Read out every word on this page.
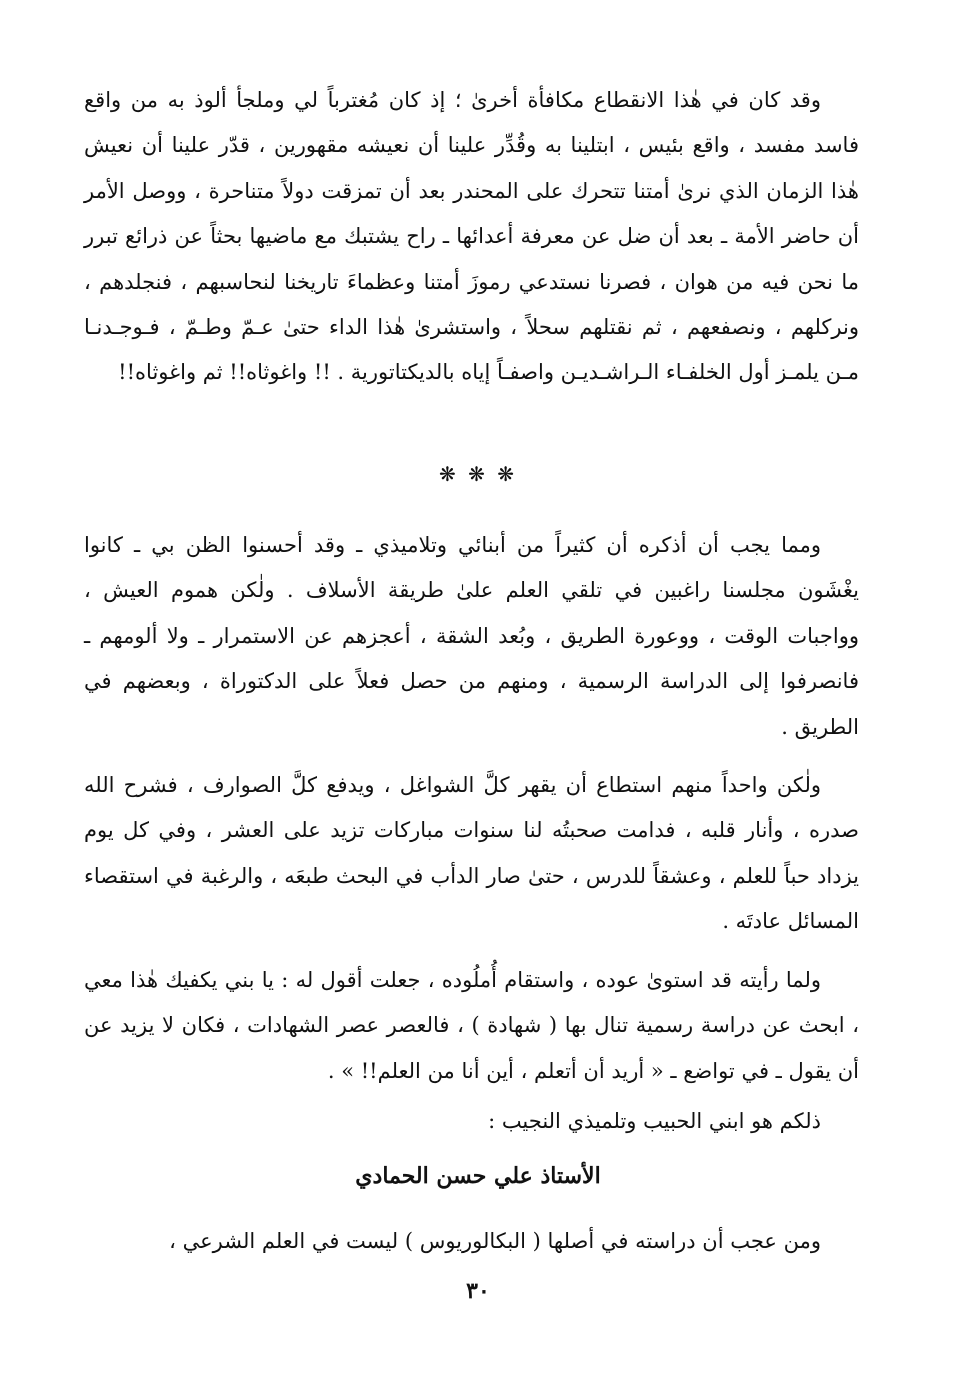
وقد كان في هٰذا الانقطاع مكافأة أخرىٰ ؛ إذ كان مُغترباً لي وملجأ ألوذ به من واقع فاسد مفسد ، واقع بئيس ، ابتلينا به وقُدِّر علينا أن نعيشه مقهورين ، قدّر علينا أن نعيش هٰذا الزمان الذي نرىٰ أمتنا تتحرك على المحندر بعد أن تمزقت دولاً متناحرة ، ووصل الأمر أن حاضر الأمة ـ بعد أن ضل عن معرفة أعدائها ـ راح يشتبك مع ماضيها بحثاً عن ذرائع تبرر ما نحن فيه من هوان ، فصرنا نستدعي رموزَ أمتنا وعظماءَ تاريخنا لنحاسبهم ، فنجلدهم ، ونركلهم ، ونصفعهم ، ثم نقتلهم سحلاً ، واستشرىٰ هٰذا الداء حتىٰ عـمّ وطـمّ ، فـوجـدنـا مـن يلمـز أول الخلفـاء الـراشـديـن واصفـاً إياه بالديكتاتورية . !! واغوثاه!! ثم واغوثاه!!

❋ ❋ ❋

ومما يجب أن أذكره أن كثيراً من أبنائي وتلاميذي ـ وقد أحسنوا الظن بي ـ كانوا يغْشَون مجلسنا راغبين في تلقي العلم علىٰ طريقة الأسلاف . ولٰكن هموم العيش ، وواجبات الوقت ، ووعورة الطريق ، وبُعد الشقة ، أعجزهم عن الاستمرار ـ ولا ألومهم ـ فانصرفوا إلى الدراسة الرسمية ، ومنهم من حصل فعلاً على الدكتوراة ، وبعضهم في الطريق .

ولٰكن واحداً منهم استطاع أن يقهر كلَّ الشواغل ، ويدفع كلَّ الصوارف ، فشرح الله صدره ، وأنار قلبه ، فدامت صحبتُه لنا سنوات مباركات تزيد على العشر ، وفي كل يوم يزداد حباً للعلم ، وعشقاً للدرس ، حتىٰ صار الدأب في البحث طبعَه ، والرغبة في استقصاء المسائل عادتَه .

ولما رأيته قد استوىٰ عوده ، واستقام أُملُوده ، جعلت أقول له : يا بني يكفيك هٰذا معي ، ابحث عن دراسة رسمية تنال بها ( شهادة ) ، فالعصر عصر الشهادات ، فكان لا يزيد عن أن يقول ـ في تواضع ـ « أريد أن أتعلم ، أين أنا من العلم!! » .

ذلكم هو ابني الحبيب وتلميذي النجيب :

الأستاذ علي حسن الحمادي

ومن عجب أن دراسته في أصلها ( البكالوريوس ) ليست في العلم الشرعي ،

٣٠
